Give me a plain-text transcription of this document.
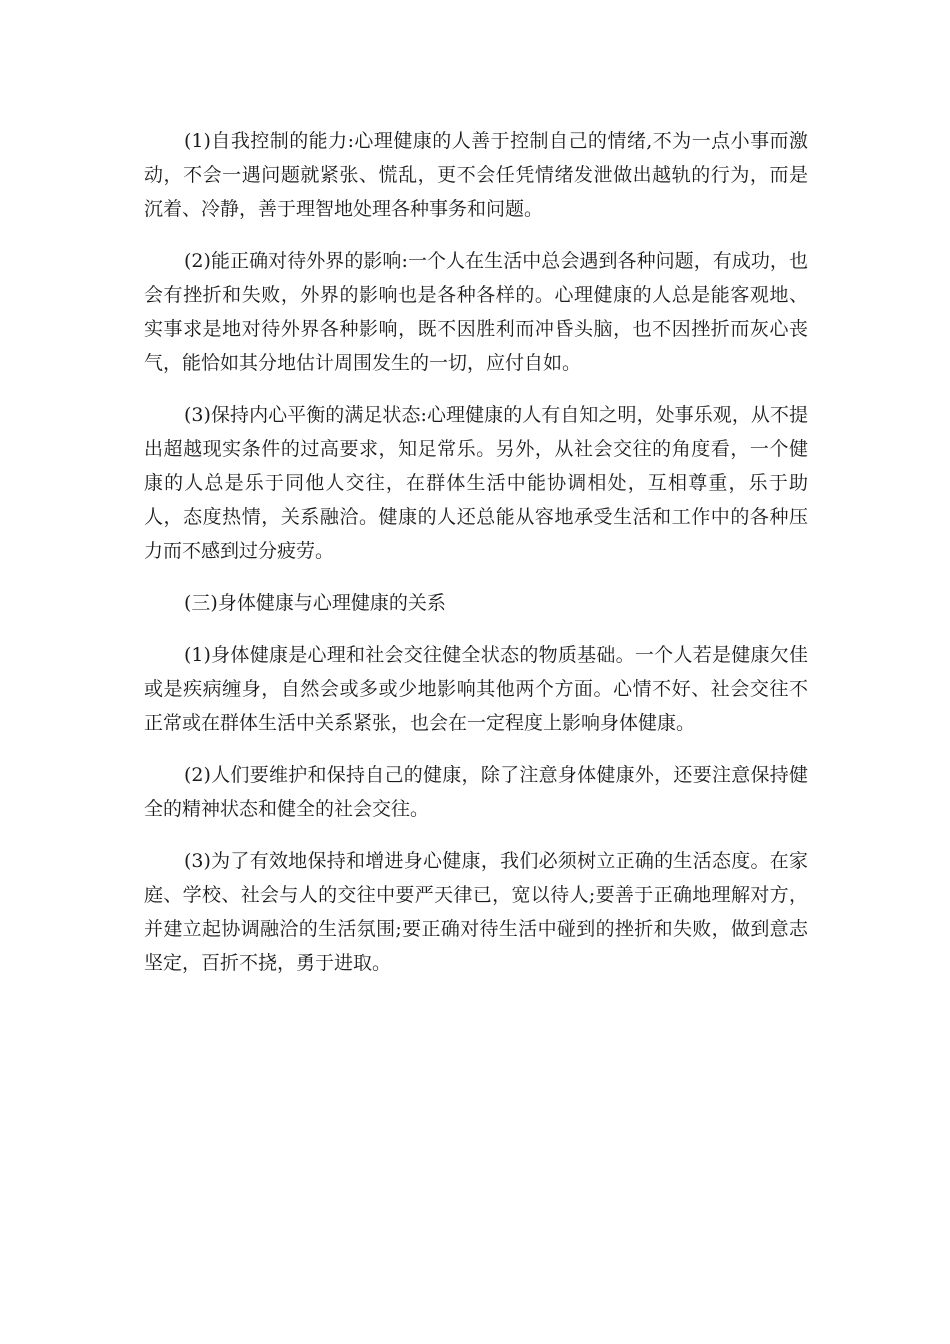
(1)自我控制的能力:心理健康的人善于控制自己的情绪,不为一点小事而激动，不会一遇问题就紧张、慌乱，更不会任凭情绪发泄做出越轨的行为，而是沉着、冷静，善于理智地处理各种事务和问题。

(2)能正确对待外界的影响:一个人在生活中总会遇到各种问题，有成功，也会有挫折和失败，外界的影响也是各种各样的。心理健康的人总是能客观地、实事求是地对待外界各种影响，既不因胜利而冲昏头脑，也不因挫折而灰心丧气，能恰如其分地估计周围发生的一切，应付自如。

(3)保持内心平衡的满足状态:心理健康的人有自知之明，处事乐观，从不提出超越现实条件的过高要求，知足常乐。另外，从社会交往的角度看，一个健康的人总是乐于同他人交往，在群体生活中能协调相处，互相尊重，乐于助人，态度热情，关系融洽。健康的人还总能从容地承受生活和工作中的各种压力而不感到过分疲劳。

(三)身体健康与心理健康的关系

(1)身体健康是心理和社会交往健全状态的物质基础。一个人若是健康欠佳或是疾病缠身，自然会或多或少地影响其他两个方面。心情不好、社会交往不正常或在群体生活中关系紧张，也会在一定程度上影响身体健康。

(2)人们要维护和保持自己的健康，除了注意身体健康外，还要注意保持健全的精神状态和健全的社会交往。

(3)为了有效地保持和增进身心健康，我们必须树立正确的生活态度。在家庭、学校、社会与人的交往中要严天律已，宽以待人;要善于正确地理解对方，并建立起协调融洽的生活氛围;要正确对待生活中碰到的挫折和失败，做到意志坚定，百折不挠，勇于进取。
